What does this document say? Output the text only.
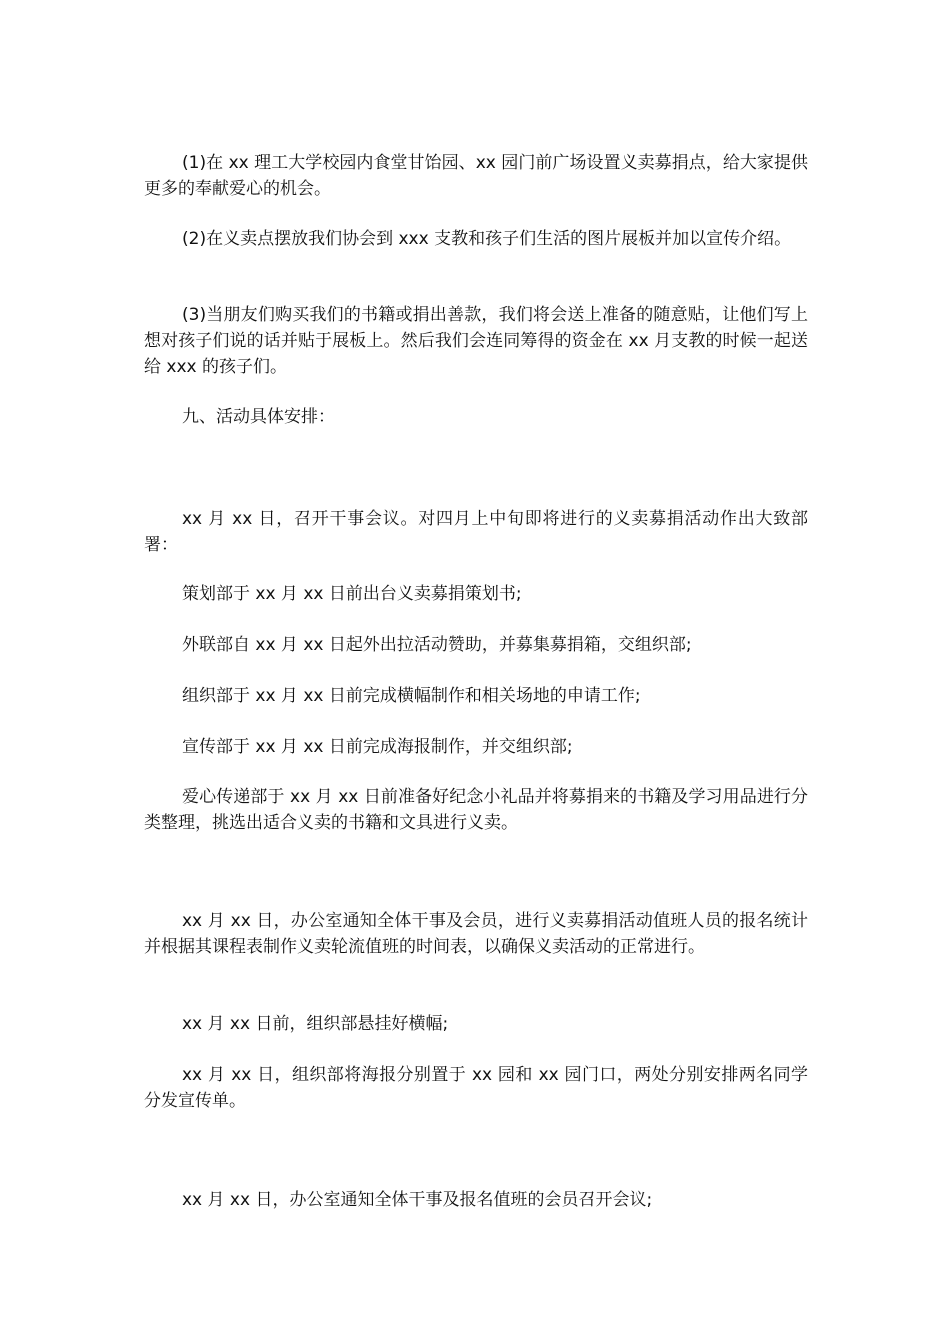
(1)在 xx 理工大学校园内食堂甘饴园、xx 园门前广场设置义卖募捐点，给大家提供更多的奉献爱心的机会。

(2)在义卖点摆放我们协会到 xxx 支教和孩子们生活的图片展板并加以宣传介绍。

(3)当朋友们购买我们的书籍或捐出善款，我们将会送上准备的随意贴，让他们写上想对孩子们说的话并贴于展板上。然后我们会连同筹得的资金在 xx 月支教的时候一起送给 xxx 的孩子们。

九、活动具体安排：

xx 月 xx 日，召开干事会议。对四月上中旬即将进行的义卖募捐活动作出大致部署：

策划部于 xx 月 xx 日前出台义卖募捐策划书;

外联部自 xx 月 xx 日起外出拉活动赞助，并募集募捐箱，交组织部;

组织部于 xx 月 xx 日前完成横幅制作和相关场地的申请工作;

宣传部于 xx 月 xx 日前完成海报制作，并交组织部;

爱心传递部于 xx 月 xx 日前准备好纪念小礼品并将募捐来的书籍及学习用品进行分类整理，挑选出适合义卖的书籍和文具进行义卖。

xx 月 xx 日，办公室通知全体干事及会员，进行义卖募捐活动值班人员的报名统计并根据其课程表制作义卖轮流值班的时间表，以确保义卖活动的正常进行。

xx 月 xx 日前，组织部悬挂好横幅;

xx 月 xx 日，组织部将海报分别置于 xx 园和 xx 园门口，两处分别安排两名同学分发宣传单。

xx 月 xx 日，办公室通知全体干事及报名值班的会员召开会议;
